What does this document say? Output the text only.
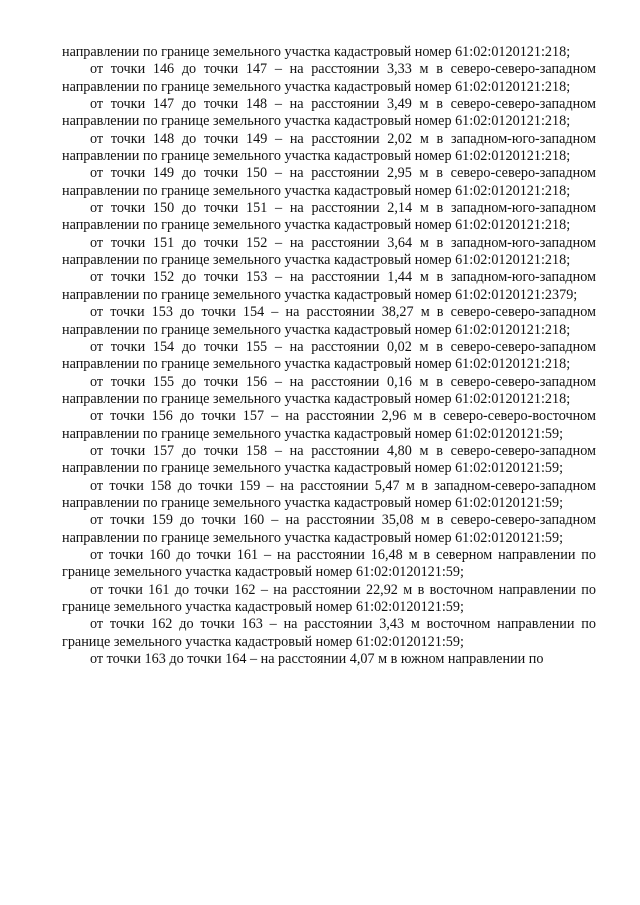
направлении по границе земельного участка кадастровый номер 61:02:0120121:218;

от точки 146 до точки 147 – на расстоянии 3,33 м в северо-северо-западном направлении по границе земельного участка кадастровый номер 61:02:0120121:218;

от точки 147 до точки 148 – на расстоянии 3,49 м в северо-северо-западном направлении по границе земельного участка кадастровый номер 61:02:0120121:218;

от точки 148 до точки 149 – на расстоянии 2,02 м в западном-юго-западном направлении по границе земельного участка кадастровый номер 61:02:0120121:218;

от точки 149 до точки 150 – на расстоянии 2,95 м в северо-северо-западном направлении по границе земельного участка кадастровый номер 61:02:0120121:218;

от точки 150 до точки 151 – на расстоянии 2,14 м в западном-юго-западном направлении по границе земельного участка кадастровый номер 61:02:0120121:218;

от точки 151 до точки 152 – на расстоянии 3,64 м в западном-юго-западном направлении по границе земельного участка кадастровый номер 61:02:0120121:218;

от точки 152 до точки 153 – на расстоянии 1,44 м в западном-юго-западном направлении по границе земельного участка кадастровый номер 61:02:0120121:2379;

от точки 153 до точки 154 – на расстоянии 38,27 м в северо-северо-западном направлении по границе земельного участка кадастровый номер 61:02:0120121:218;

от точки 154 до точки 155 – на расстоянии 0,02 м в северо-северо-западном направлении по границе земельного участка кадастровый номер 61:02:0120121:218;

от точки 155 до точки 156 – на расстоянии 0,16 м в северо-северо-западном направлении по границе земельного участка кадастровый номер 61:02:0120121:218;

от точки 156 до точки 157 – на расстоянии 2,96 м в северо-северо-восточном направлении по границе земельного участка кадастровый номер 61:02:0120121:59;

от точки 157 до точки 158 – на расстоянии 4,80 м в северо-северо-западном направлении по границе земельного участка кадастровый номер 61:02:0120121:59;

от точки 158 до точки 159 – на расстоянии 5,47 м в западном-северо-западном направлении по границе земельного участка кадастровый номер 61:02:0120121:59;

от точки 159 до точки 160 – на расстоянии 35,08 м в северо-северо-западном направлении по границе земельного участка кадастровый номер 61:02:0120121:59;

от точки 160 до точки 161 – на расстоянии 16,48 м в северном направлении по границе земельного участка кадастровый номер 61:02:0120121:59;

от точки 161 до точки 162 – на расстоянии 22,92 м в восточном направлении по границе земельного участка кадастровый номер 61:02:0120121:59;

от точки 162 до точки 163 – на расстоянии 3,43 м восточном направлении по границе земельного участка кадастровый номер 61:02:0120121:59;

от точки 163 до точки 164 – на расстоянии 4,07 м в южном направлении по
